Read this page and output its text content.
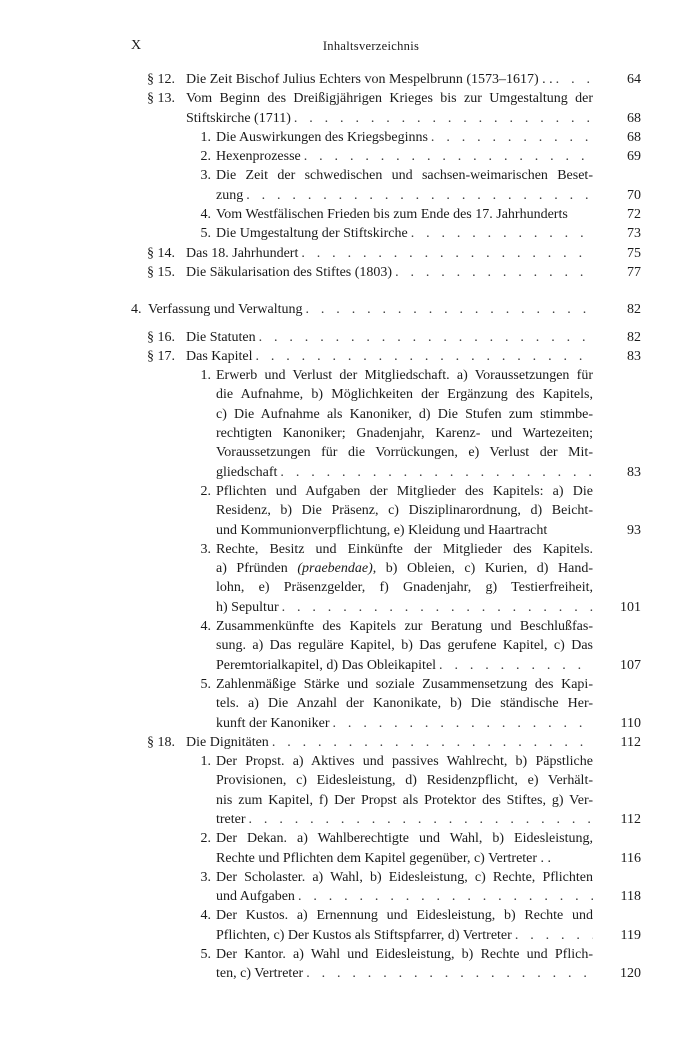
X	Inhaltsverzeichnis
§ 12. Die Zeit Bischof Julius Echters von Mespelbrunn (1573–1617) . . . . .	64
§ 13. Vom Beginn des Dreißigjährigen Krieges bis zur Umgestaltung der
Stiftskirche (1711) . . .	68
1. Die Auswirkungen des Kriegsbeginns . . .	68
2. Hexenprozesse . . .	69
3. Die Zeit der schwedischen und sachsen-weimarischen Beset-
zung . . .	70
4. Vom Westfälischen Frieden bis zum Ende des 17. Jahrhunderts	72
5. Die Umgestaltung der Stiftskirche . . .	73
§ 14. Das 18. Jahrhundert . . .	75
§ 15. Die Säkularisation des Stiftes (1803) . . .	77
4. Verfassung und Verwaltung . . .	82
§ 16. Die Statuten . . .	82
§ 17. Das Kapitel . . .	83
1. Erwerb und Verlust der Mitgliedschaft. a) Voraussetzungen für
die Aufnahme, b) Möglichkeiten der Ergänzung des Kapitels,
c) Die Aufnahme als Kanoniker, d) Die Stufen zum stimmbe-
rechtigten Kanoniker; Gnadenjahr, Karenz- und Wartezeiten;
Voraussetzungen für die Vorrückungen, e) Verlust der Mit-
gliedschaft . . .	83
2. Pflichten und Aufgaben der Mitglieder des Kapitels: a) Die
Residenz, b) Die Präsenz, c) Disziplinarordnung, d) Beicht-
und Kommunionverpflichtung, e) Kleidung und Haartracht	93
3. Rechte, Besitz und Einkünfte der Mitglieder des Kapitels.
a) Pfründen (praebendae), b) Obleien, c) Kurien, d) Hand-
lohn, e) Präsenzgelder, f) Gnadenjahr, g) Testierfreiheit,
h) Sepultur . . .	101
4. Zusammenkünfte des Kapitels zur Beratung und Beschlußfas-
sung. a) Das reguläre Kapitel, b) Das gerufene Kapitel, c) Das
Peremtorialkapitel, d) Das Obleikapitel . . .	107
5. Zahlenmäßige Stärke und soziale Zusammensetzung des Kapi-
tels. a) Die Anzahl der Kanonikate, b) Die ständische Her-
kunft der Kanoniker . . .	110
§ 18. Die Dignitäten . . .	112
1. Der Propst. a) Aktives und passives Wahlrecht, b) Päpstliche
Provisionen, c) Eidesleistung, d) Residenzpflicht, e) Verhält-
nis zum Kapitel, f) Der Propst als Protektor des Stiftes, g) Ver-
treter . . .	112
2. Der Dekan. a) Wahlberechtigte und Wahl, b) Eidesleistung,
Rechte und Pflichten dem Kapitel gegenüber, c) Vertreter . .	116
3. Der Scholaster. a) Wahl, b) Eidesleistung, c) Rechte, Pflichten
und Aufgaben . . .	118
4. Der Kustos. a) Ernennung und Eidesleistung, b) Rechte und
Pflichten, c) Der Kustos als Stiftspfarrer, d) Vertreter . . .	119
5. Der Kantor. a) Wahl und Eidesleistung, b) Rechte und Pflich-
ten, c) Vertreter . . .	120
